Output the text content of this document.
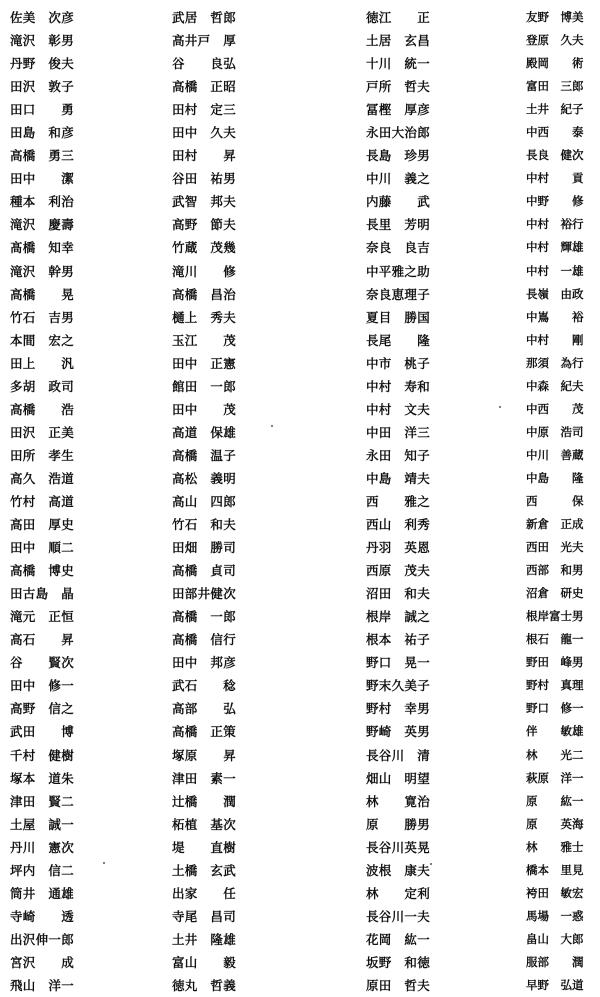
佐美　次彦
滝沢　彰男
丹野　俊夫
田沢　敦子
田口　　勇
田島　和彦
高橋　勇三
田中　　潔
種本　利治
滝沢　慶壽
髙橋　知幸
滝沢　幹男
高橋　　晃
竹石　吉男
本間　宏之
田上　　汎
多胡　政司
高橋　　浩
田沢　正美
田所　孝生
高久　浩道
竹村　高道
高田　厚史
田中　順二
高橋　博史
田古島　晶
滝元　正恒
高石　　昇
谷　　賢次
田中　修一
高野　信之
武田　　博
千村　健樹
塚本　道朱
津田　賢二
土屋　誠一
丹川　憲次
坪内　信二
筒井　通雄
寺崎　　透
出沢伸一郎
宮沢　　成
飛山　洋一
武居　哲郎
高井戸　厚
谷　　良弘
高橋　正昭
田村　定三
田中　久夫
田村　　昇
谷田　祐男
武智　邦夫
高野　節夫
竹蔵　茂幾
滝川　　修
高橋　昌治
樋上　秀夫
玉江　　茂
田中　正憲
館田　一郎
田中　　茂
高道　保雄
高橋　温子
高松　義明
高山　四郎
竹石　和夫
田畑　勝司
高橋　貞司
田部井健次
高橋　一郎
高橋　信行
田中　邦彦
武石　　稔
高部　　弘
高橋　正策
塚原　　昇
津田　素一
辻橋　　潤
柘植　基次
堤　　直樹
土橋　玄武
出家　　任
寺尾　昌司
土井　隆雄
富山　　毅
徳丸　哲義
徳江　　正
土居　玄昌
十川　統一
戸所　哲夫
冨樫　厚彦
永田大治郎
長島　珍男
中川　義之
内藤　　武
長里　芳明
奈良　良吉
中平雅之助
奈良恵理子
夏目　勝国
長尾　　隆
中市　桃子
中村　寿和
中村　文夫
中田　洋三
永田　知子
中島　靖夫
西　　雅之
西山　利秀
丹羽　英恩
西原　茂夫
沼田　和夫
根岸　誠之
根本　祐子
野口　晃一
野末久美子
野村　幸男
野崎　英男
長谷川　清
畑山　明望
林　　寛治
原　　勝男
長谷川英晃
波根　康夫
林　　定利
長谷川一夫
花岡　紘一
坂野　和徳
原田　哲夫
友野　博美
登原　久夫
殿岡　　術
富田　三郎
土井　紀子
中西　　泰
長良　健次
中村　　貢
中野　　修
中村　裕行
中村　輝雄
中村　一雄
長嶺　由政
中嶌　　裕
中村　　剛
那須　為行
中森　紀夫
中西　　茂
中原　浩司
中川　善蔵
中島　　隆
西　　　保
新倉　正成
西田　光夫
西部　和男
沼倉　研史
根岸富士男
根石　龍一
野田　峰男
野村　真理
野口　修一
伴　　敏雄
林　　光二
萩原　洋一
原　　紘一
原　　英海
林　　雅士
橋本　里見
袴田　敏宏
馬場　一惑
畠山　大郎
服部　　潤
早野　弘道
